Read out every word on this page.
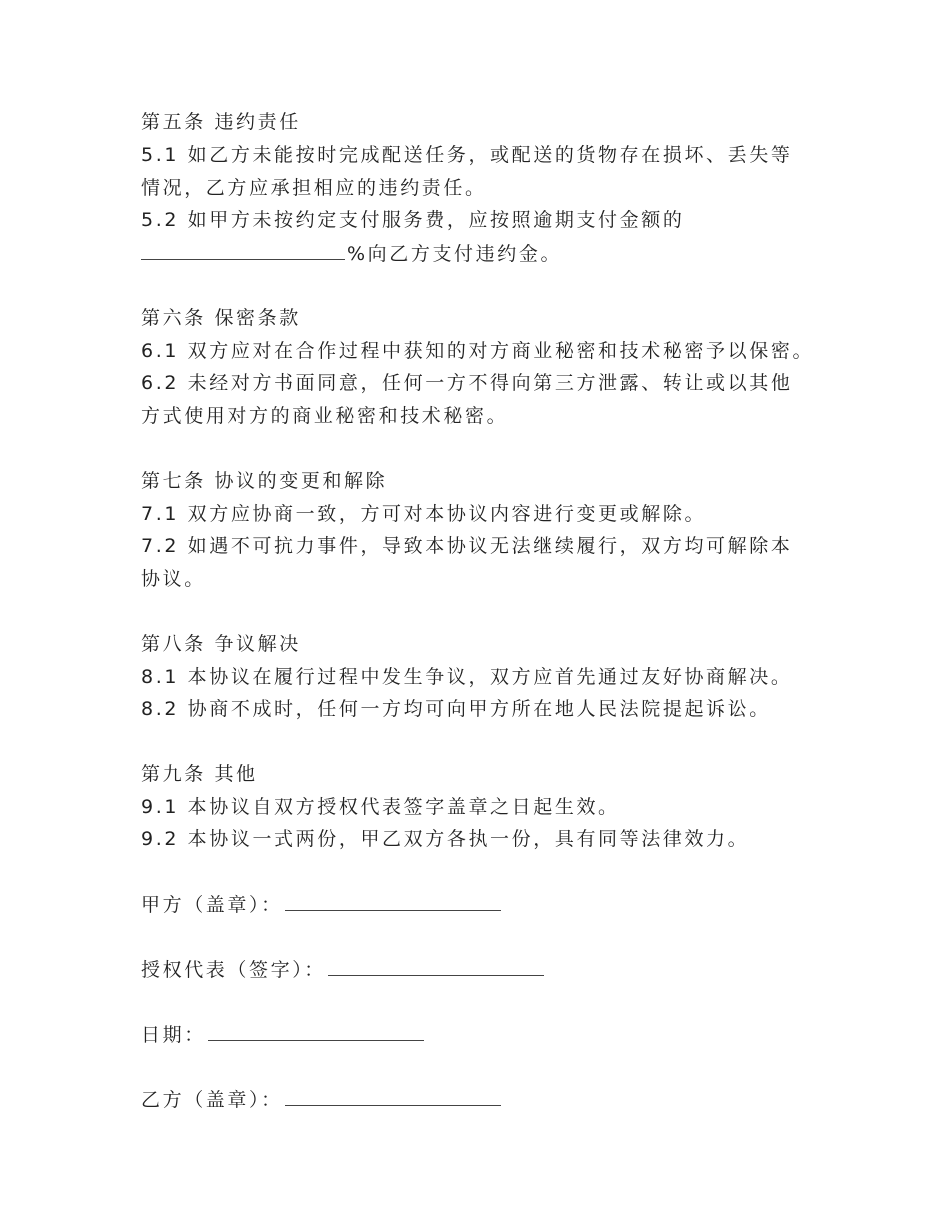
第五条 违约责任
5.1 如乙方未能按时完成配送任务，或配送的货物存在损坏、丢失等
情况，乙方应承担相应的违约责任。
5.2 如甲方未按约定支付服务费，应按照逾期支付金额的
%向乙方支付违约金。
第六条 保密条款
6.1 双方应对在合作过程中获知的对方商业秘密和技术秘密予以保密。
6.2 未经对方书面同意，任何一方不得向第三方泄露、转让或以其他
方式使用对方的商业秘密和技术秘密。
第七条 协议的变更和解除
7.1 双方应协商一致，方可对本协议内容进行变更或解除。
7.2 如遇不可抗力事件，导致本协议无法继续履行，双方均可解除本
协议。
第八条 争议解决
8.1 本协议在履行过程中发生争议，双方应首先通过友好协商解决。
8.2 协商不成时，任何一方均可向甲方所在地人民法院提起诉讼。
第九条 其他
9.1 本协议自双方授权代表签字盖章之日起生效。
9.2 本协议一式两份，甲乙双方各执一份，具有同等法律效力。
甲方（盖章）：
授权代表（签字）：
日期：
乙方（盖章）：
